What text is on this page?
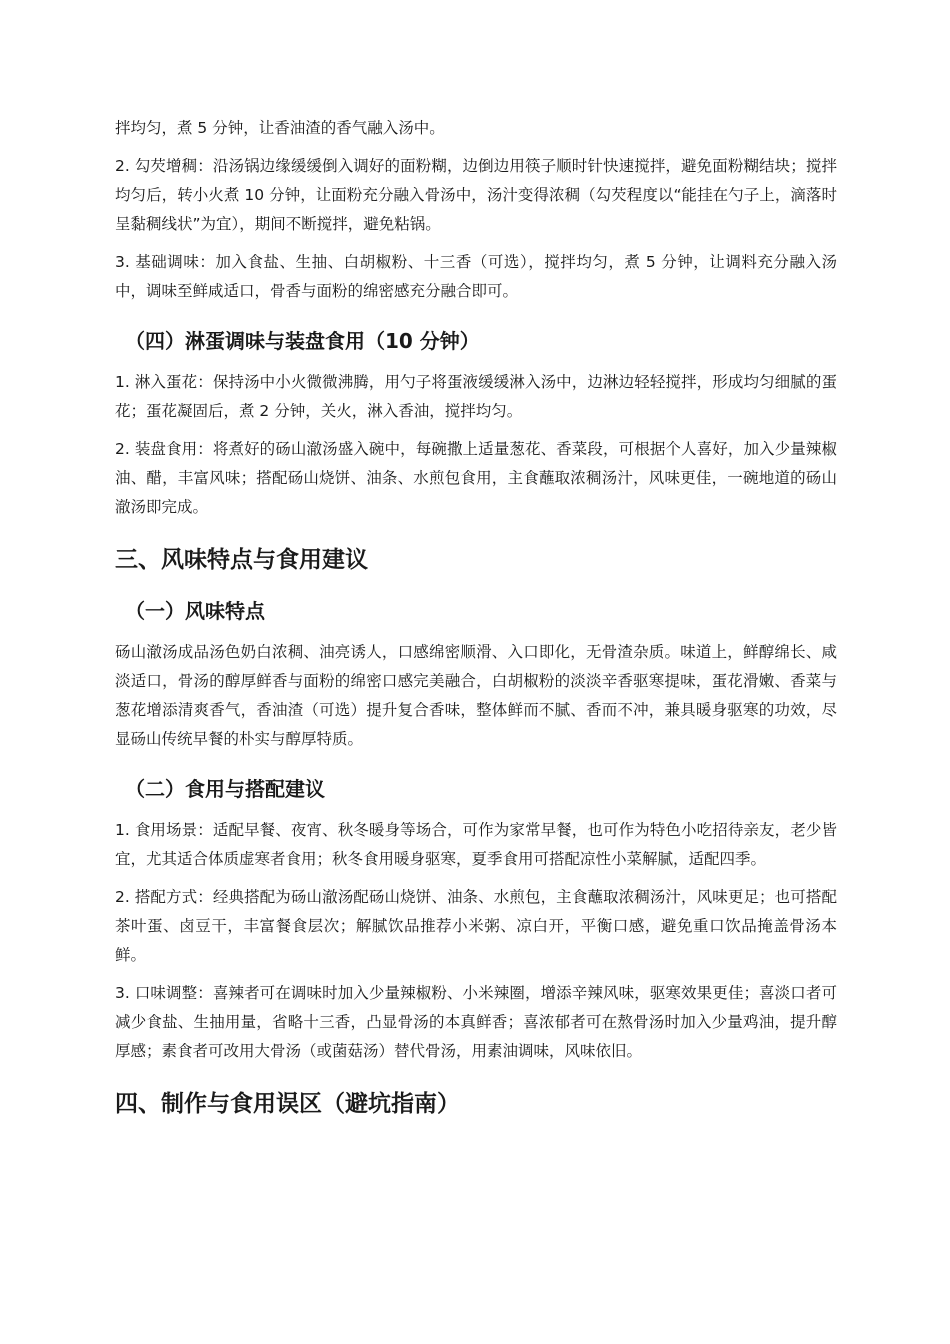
拌均匀，煮 5 分钟，让香油渣的香气融入汤中。

2. 勾芡增稠：沿汤锅边缘缓缓倒入调好的面粉糊，边倒边用筷子顺时针快速搅拌，避免面粉糊结块；搅拌均匀后，转小火煮 10 分钟，让面粉充分融入骨汤中，汤汁变得浓稠（勾芡程度以“能挂在勺子上，滴落时呈黏稠线状”为宜），期间不断搅拌，避免粘锅。

3. 基础调味：加入食盐、生抽、白胡椒粉、十三香（可选），搅拌均匀，煮 5 分钟，让调料充分融入汤中，调味至鲜咸适口，骨香与面粉的绵密感充分融合即可。

（四）淋蛋调味与装盘食用（10 分钟）

1. 淋入蛋花：保持汤中小火微微沸腾，用勺子将蛋液缓缓淋入汤中，边淋边轻轻搅拌，形成均匀细腻的蛋花；蛋花凝固后，煮 2 分钟，关火，淋入香油，搅拌均匀。

2. 装盘食用：将煮好的砀山澈汤盛入碗中，每碗撒上适量葱花、香菜段，可根据个人喜好，加入少量辣椒油、醋，丰富风味；搭配砀山烧饼、油条、水煎包食用，主食蘸取浓稠汤汁，风味更佳，一碗地道的砀山澈汤即完成。

三、风味特点与食用建议
（一）风味特点

砀山澈汤成品汤色奶白浓稠、油亮诱人，口感绵密顺滑、入口即化，无骨渣杂质。味道上，鲜醇绵长、咸淡适口，骨汤的醇厚鲜香与面粉的绵密口感完美融合，白胡椒粉的淡淡辛香驱寒提味，蛋花滑嫩、香菜与葱花增添清爽香气，香油渣（可选）提升复合香味，整体鲜而不腻、香而不冲，兼具暖身驱寒的功效，尽显砀山传统早餐的朴实与醇厚特质。

（二）食用与搭配建议

1. 食用场景：适配早餐、夜宵、秋冬暖身等场合，可作为家常早餐，也可作为特色小吃招待亲友，老少皆宜，尤其适合体质虚寒者食用；秋冬食用暖身驱寒，夏季食用可搭配凉性小菜解腻，适配四季。

2. 搭配方式：经典搭配为砀山澈汤配砀山烧饼、油条、水煎包，主食蘸取浓稠汤汁，风味更足；也可搭配茶叶蛋、卤豆干，丰富餐食层次；解腻饮品推荐小米粥、凉白开，平衡口感，避免重口饮品掩盖骨汤本鲜。

3. 口味调整：喜辣者可在调味时加入少量辣椒粉、小米辣圈，增添辛辣风味，驱寒效果更佳；喜淡口者可减少食盐、生抽用量，省略十三香，凸显骨汤的本真鲜香；喜浓郁者可在熬骨汤时加入少量鸡油，提升醇厚感；素食者可改用大骨汤（或菌菇汤）替代骨汤，用素油调味，风味依旧。

四、制作与食用误区（避坑指南）
